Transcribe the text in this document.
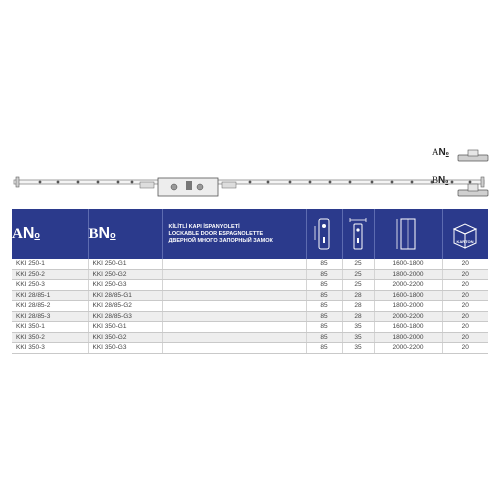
ANo
BNo
ANo	BNo	KİLİTLİ KAPI İSPANYOLETİ
LOCKABLE DOOR ESPAGNOLETTE
ДВЕРНОЙ МНОГО ЗАПОРНЫЙ ЗАМОК				KARTON

KKI 250-1	KKI 250-G1		85	25	1600-1800	20
KKI 250-2	KKI 250-G2		85	25	1800-2000	20
KKI 250-3	KKI 250-G3		85	25	2000-2200	20
KKI 28/85-1	KKI 28/85-G1		85	28	1600-1800	20
KKI 28/85-2	KKI 28/85-G2		85	28	1800-2000	20
KKI 28/85-3	KKI 28/85-G3		85	28	2000-2200	20
KKI 350-1	KKI 350-G1		85	35	1600-1800	20
KKI 350-2	KKI 350-G2		85	35	1800-2000	20
KKI 350-3	KKI 350-G3		85	35	2000-2200	20
